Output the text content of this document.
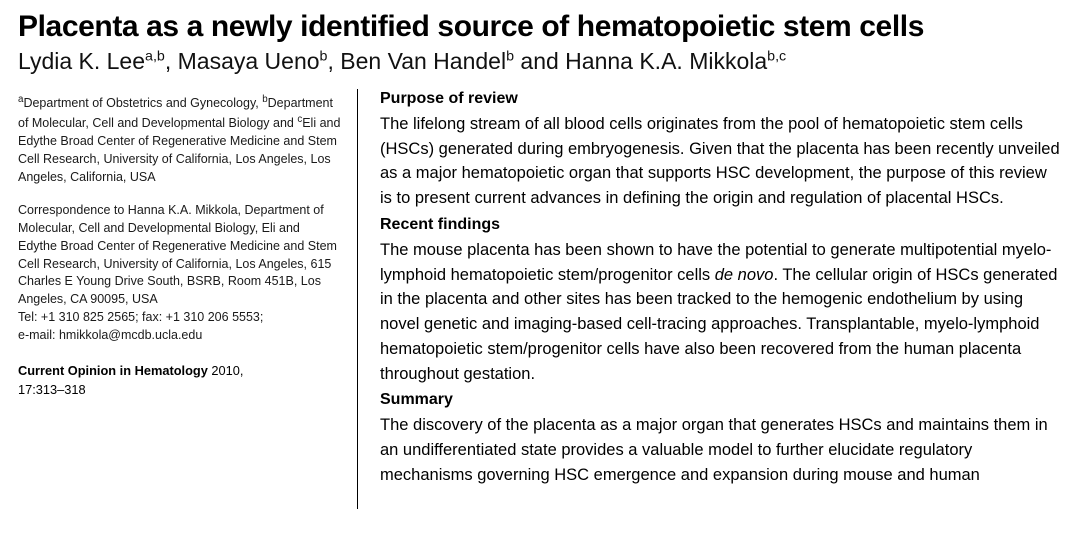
Placenta as a newly identified source of hematopoietic stem cells
Lydia K. Lee$^{a,b}$, Masaya Ueno$^b$, Ben Van Handel$^b$ and Hanna K.A. Mikkola$^{b,c}$
$^a$Department of Obstetrics and Gynecology, $^b$Department of Molecular, Cell and Developmental Biology and $^c$Eli and Edythe Broad Center of Regenerative Medicine and Stem Cell Research, University of California, Los Angeles, Los Angeles, California, USA
Correspondence to Hanna K.A. Mikkola, Department of Molecular, Cell and Developmental Biology, Eli and Edythe Broad Center of Regenerative Medicine and Stem Cell Research, University of California, Los Angeles, 615 Charles E Young Drive South, BSRB, Room 451B, Los Angeles, CA 90095, USA
Tel: +1 310 825 2565; fax: +1 310 206 5553;
e-mail: hmikkola@mcdb.ucla.edu
Current Opinion in Hematology 2010,
17:313–318
Purpose of review

The lifelong stream of all blood cells originates from the pool of hematopoietic stem cells (HSCs) generated during embryogenesis. Given that the placenta has been recently unveiled as a major hematopoietic organ that supports HSC development, the purpose of this review is to present current advances in defining the origin and regulation of placental HSCs.

Recent findings

The mouse placenta has been shown to have the potential to generate multipotential myelo-lymphoid hematopoietic stem/progenitor cells de novo. The cellular origin of HSCs generated in the placenta and other sites has been tracked to the hemogenic endothelium by using novel genetic and imaging-based cell-tracing approaches. Transplantable, myelo-lymphoid hematopoietic stem/progenitor cells have also been recovered from the human placenta throughout gestation.

Summary

The discovery of the placenta as a major organ that generates HSCs and maintains them in an undifferentiated state provides a valuable model to further elucidate regulatory mechanisms governing HSC emergence and expansion during mouse and human
